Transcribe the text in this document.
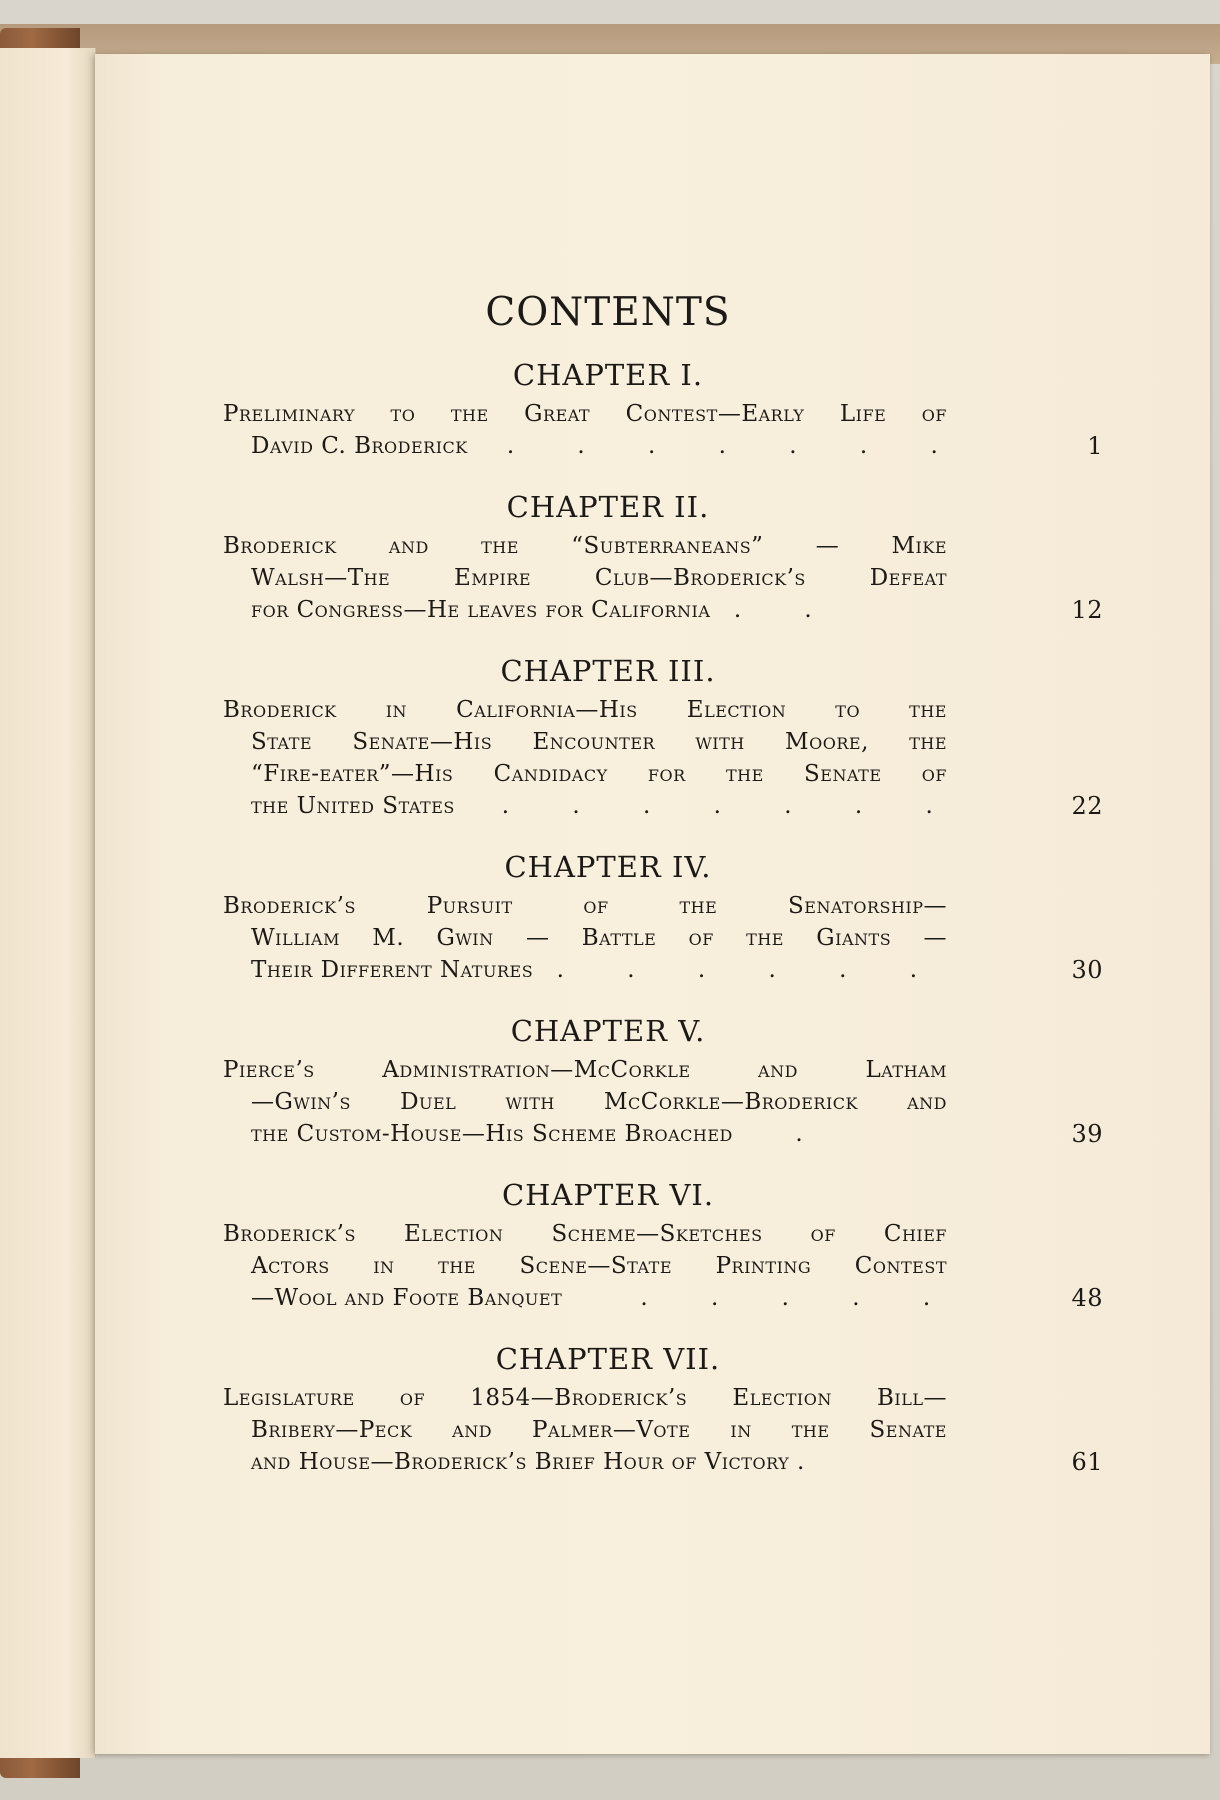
CONTENTS
CHAPTER I.
Preliminary to the Great Contest—Early Life of
David C. Broderick . . . . . . .	1
CHAPTER II.
Broderick and the “Subterraneans” — Mike
Walsh—The Empire Club—Broderick’s Defeat
for Congress—He leaves for California . .	12
CHAPTER III.
Broderick in California—His Election to the
State Senate—His Encounter with Moore, the
“Fire-eater”—His Candidacy for the Senate of
the United States . . . . . . .	22
CHAPTER IV.
Broderick’s Pursuit of the Senatorship—
William M. Gwin — Battle of the Giants —
Their Different Natures . . . . . .	30
CHAPTER V.
Pierce’s Administration—McCorkle and Latham
—Gwin’s Duel with McCorkle—Broderick and
the Custom-House—His Scheme Broached	.	39
CHAPTER VI.
Broderick’s Election Scheme—Sketches of Chief
Actors in the Scene—State Printing Contest
—Wool and Foote Banquet	. . . . .	48
CHAPTER VII.
Legislature of 1854—Broderick’s Election Bill—
Bribery—Peck and Palmer—Vote in the Senate
and House—Broderick’s Brief Hour of Victory .	61
